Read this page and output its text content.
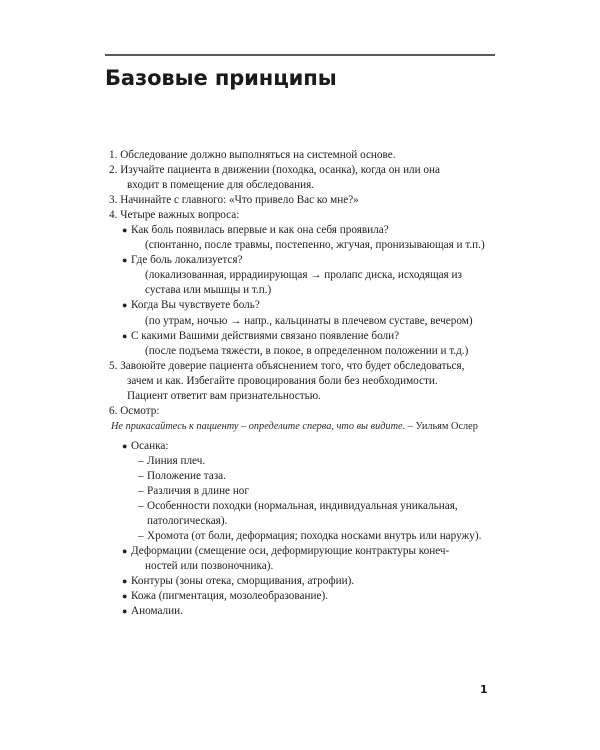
Базовые принципы
1. Обследование должно выполняться на системной основе.
2. Изучайте пациента в движении (походка, осанка), когда он или она
входит в помещение для обследования.
3. Начинайте с главного: «Что привело Вас ко мне?»
4. Четыре важных вопроса:
● Как боль появилась впервые и как она себя проявила?
(спонтанно, после травмы, постепенно, жгучая, пронизывающая и т.п.)
● Где боль локализуется?
(локализованная, иррадиирующая → пролапс диска, исходящая из
сустава или мышцы и т.п.)
● Когда Вы чувствуете боль?
(по утрам, ночью → напр., кальцинаты в плечевом суставе, вечером)
● С какими Вашими действиями связано появление боли?
(после подъема тяжести, в покое, в определенном положении и т.д.)
5. Завоюйте доверие пациента объяснением того, что будет обследоваться,
зачем и как. Избегайте провоцирования боли без необходимости.
Пациент ответит вам признательностью.
6. Осмотр:
Не прикасайтесь к пациенту – определите сперва, что вы видите. – Уильям Ослер
● Осанка:
– Линия плеч.
– Положение таза.
– Различия в длине ног
– Особенности походки (нормальная, индивидуальная уникальная,
патологическая).
– Хромота (от боли, деформация; походка носками внутрь или наружу).
● Деформации (смещение оси, деформирующие контрактуры конеч-
ностей или позвоночника).
● Контуры (зоны отека, сморщивания, атрофии).
● Кожа (пигментация, мозолеобразование).
● Аномалии.
1
